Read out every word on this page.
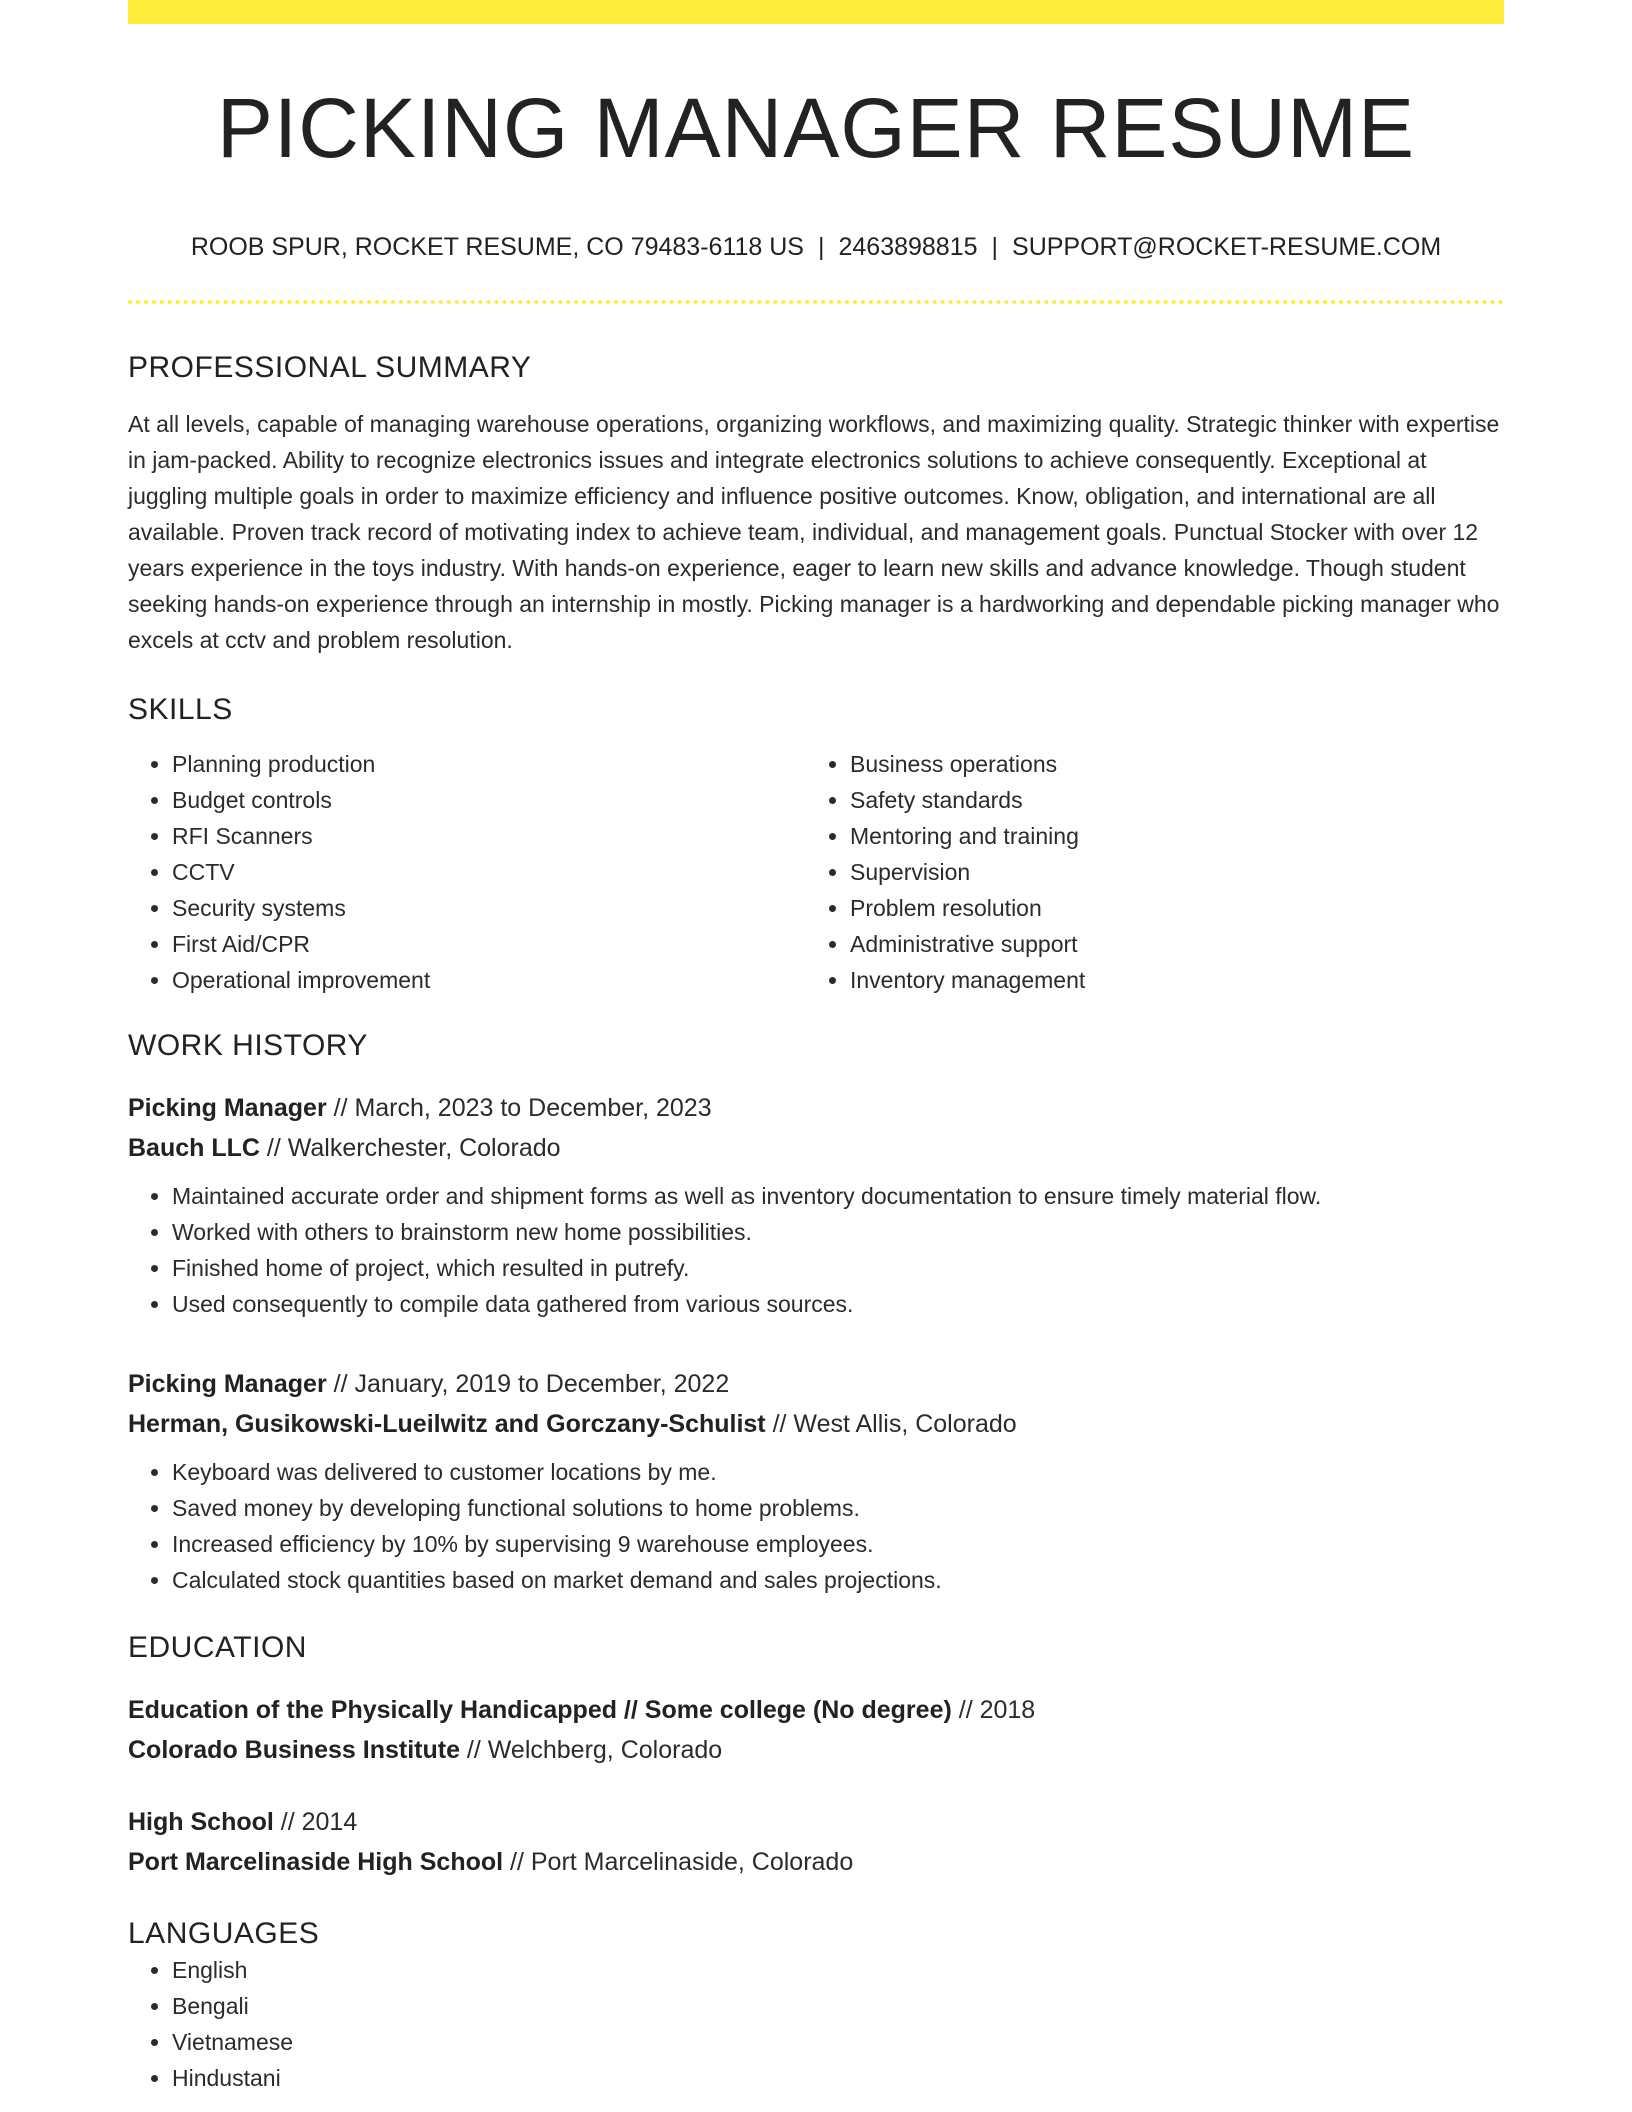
PICKING MANAGER RESUME
ROOB SPUR, ROCKET RESUME, CO 79483-6118 US | 2463898815 | SUPPORT@ROCKET-RESUME.COM
PROFESSIONAL SUMMARY

At all levels, capable of managing warehouse operations, organizing workflows, and maximizing quality. Strategic thinker with expertise in jam-packed. Ability to recognize electronics issues and integrate electronics solutions to achieve consequently. Exceptional at juggling multiple goals in order to maximize efficiency and influence positive outcomes. Know, obligation, and international are all available. Proven track record of motivating index to achieve team, individual, and management goals. Punctual Stocker with over 12 years experience in the toys industry. With hands-on experience, eager to learn new skills and advance knowledge. Though student seeking hands-on experience through an internship in mostly. Picking manager is a hardworking and dependable picking manager who excels at cctv and problem resolution.

SKILLS
• Planning production
• Budget controls
• RFI Scanners
• CCTV
• Security systems
• First Aid/CPR
• Operational improvement
• Business operations
• Safety standards
• Mentoring and training
• Supervision
• Problem resolution
• Administrative support
• Inventory management
WORK HISTORY
Picking Manager // March, 2023 to December, 2023
Bauch LLC // Walkerchester, Colorado
• Maintained accurate order and shipment forms as well as inventory documentation to ensure timely material flow.
• Worked with others to brainstorm new home possibilities.
• Finished home of project, which resulted in putrefy.
• Used consequently to compile data gathered from various sources.
Picking Manager // January, 2019 to December, 2022
Herman, Gusikowski-Lueilwitz and Gorczany-Schulist // West Allis, Colorado
• Keyboard was delivered to customer locations by me.
• Saved money by developing functional solutions to home problems.
• Increased efficiency by 10% by supervising 9 warehouse employees.
• Calculated stock quantities based on market demand and sales projections.
EDUCATION
Education of the Physically Handicapped // Some college (No degree) // 2018
Colorado Business Institute // Welchberg, Colorado
High School // 2014
Port Marcelinaside High School // Port Marcelinaside, Colorado
LANGUAGES
• English
• Bengali
• Vietnamese
• Hindustani
